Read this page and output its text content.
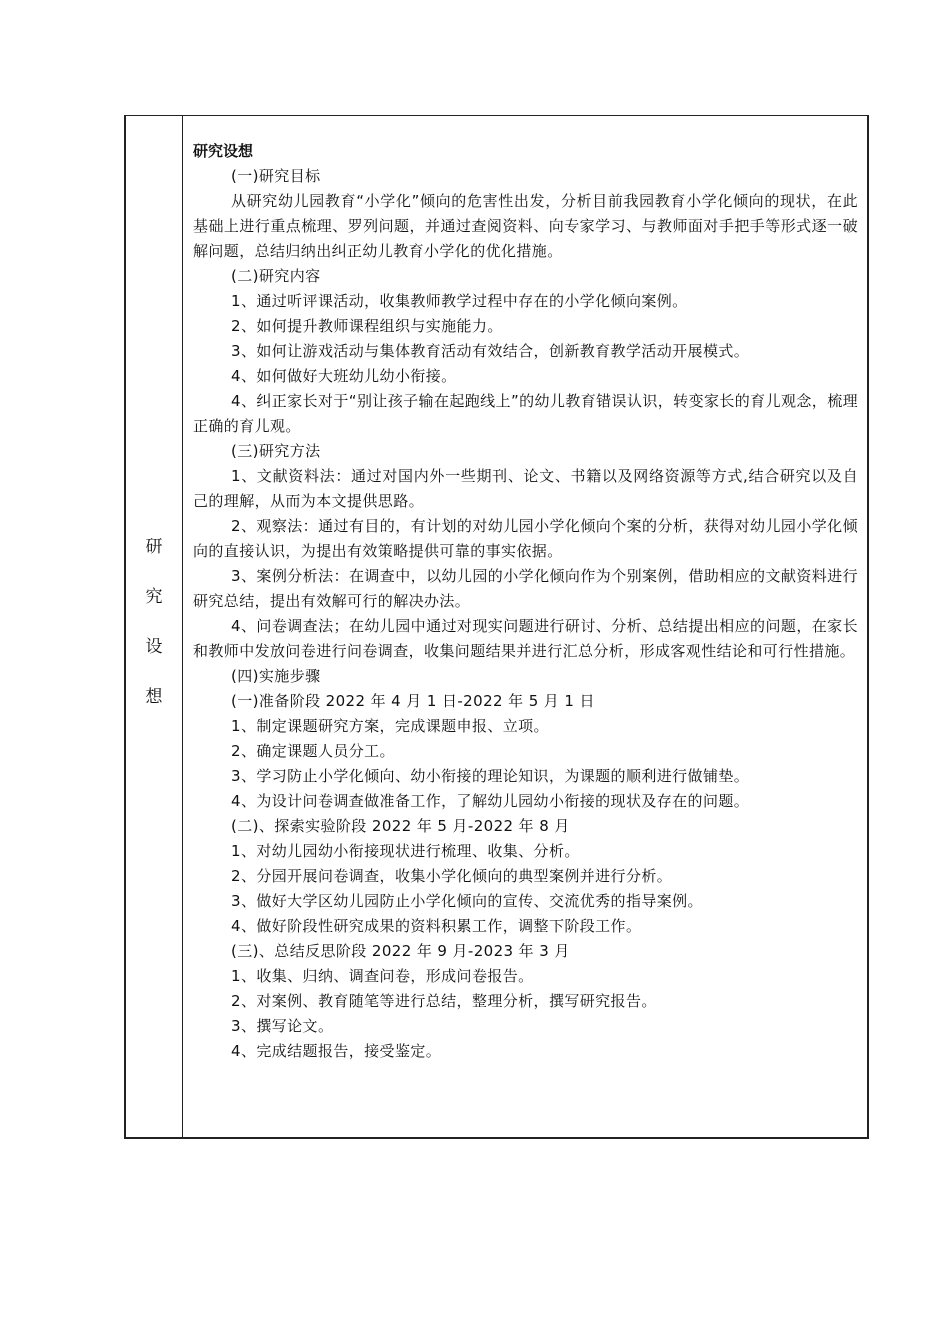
研
究
设
想

研究设想

(一)研究目标

从研究幼儿园教育“小学化”倾向的危害性出发，分析目前我园教育小学化倾向的现状，在此基础上进行重点梳理、罗列问题，并通过查阅资料、向专家学习、与教师面对手把手等形式逐一破解问题，总结归纳出纠正幼儿教育小学化的优化措施。

(二)研究内容

1、通过听评课活动，收集教师教学过程中存在的小学化倾向案例。

2、如何提升教师课程组织与实施能力。

3、如何让游戏活动与集体教育活动有效结合，创新教育教学活动开展模式。

4、如何做好大班幼儿幼小衔接。

4、纠正家长对于“别让孩子输在起跑线上”的幼儿教育错误认识，转变家长的育儿观念，梳理正确的育儿观。

(三)研究方法

1、文献资料法：通过对国内外一些期刊、论文、书籍以及网络资源等方式,结合研究以及自己的理解，从而为本文提供思路。

2、观察法：通过有目的，有计划的对幼儿园小学化倾向个案的分析，获得对幼儿园小学化倾向的直接认识，为提出有效策略提供可靠的事实依据。

3、案例分析法：在调查中，以幼儿园的小学化倾向作为个别案例，借助相应的文献资料进行研究总结，提出有效解可行的解决办法。

4、问卷调查法；在幼儿园中通过对现实问题进行研讨、分析、总结提出相应的问题，在家长和教师中发放问卷进行问卷调查，收集问题结果并进行汇总分析，形成客观性结论和可行性措施。

(四)实施步骤

(一)准备阶段 2022 年 4 月 1 日-2022 年 5 月 1 日

1、制定课题研究方案，完成课题申报、立项。

2、确定课题人员分工。

3、学习防止小学化倾向、幼小衔接的理论知识，为课题的顺利进行做铺垫。

4、为设计问卷调查做准备工作，了解幼儿园幼小衔接的现状及存在的问题。

(二)、探索实验阶段 2022 年 5 月-2022 年 8 月

1、对幼儿园幼小衔接现状进行梳理、收集、分析。

2、分园开展问卷调查，收集小学化倾向的典型案例并进行分析。

3、做好大学区幼儿园防止小学化倾向的宣传、交流优秀的指导案例。

4、做好阶段性研究成果的资料积累工作，调整下阶段工作。

(三)、总结反思阶段 2022 年 9 月-2023 年 3 月

1、收集、归纳、调查问卷，形成问卷报告。

2、对案例、教育随笔等进行总结，整理分析，撰写研究报告。

3、撰写论文。

4、完成结题报告，接受鉴定。
